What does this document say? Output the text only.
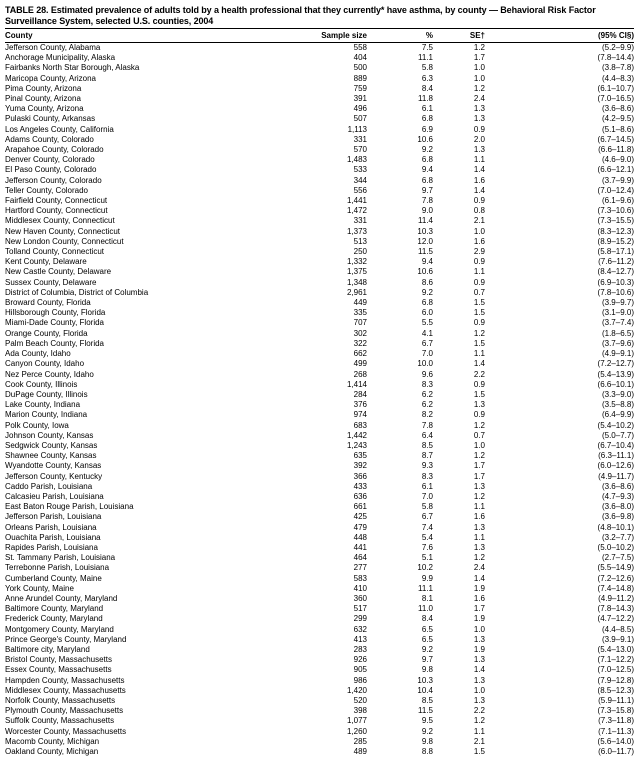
TABLE 28. Estimated prevalence of adults told by a health professional that they currently* have asthma, by county — Behavioral Risk Factor Surveillance System, selected U.S. counties, 2004
County	Sample size	%	SE†	(95% CI§)
Jefferson County, Alabama	558	7.5	1.2	(5.2–9.9)
Anchorage Municipality, Alaska	404	11.1	1.7	(7.8–14.4)
Fairbanks North Star Borough, Alaska	500	5.8	1.0	(3.8–7.8)
Maricopa County, Arizona	889	6.3	1.0	(4.4–8.3)
Pima County, Arizona	759	8.4	1.2	(6.1–10.7)
Pinal County, Arizona	391	11.8	2.4	(7.0–16.5)
Yuma County, Arizona	496	6.1	1.3	(3.6–8.6)
Pulaski County, Arkansas	507	6.8	1.3	(4.2–9.5)
Los Angeles County, California	1,113	6.9	0.9	(5.1–8.6)
Adams County, Colorado	331	10.6	2.0	(6.7–14.5)
Arapahoe County, Colorado	570	9.2	1.3	(6.6–11.8)
Denver County, Colorado	1,483	6.8	1.1	(4.6–9.0)
El Paso County, Colorado	533	9.4	1.4	(6.6–12.1)
Jefferson County, Colorado	344	6.8	1.6	(3.7–9.9)
Teller County, Colorado	556	9.7	1.4	(7.0–12.4)
Fairfield County, Connecticut	1,441	7.8	0.9	(6.1–9.6)
Hartford County, Connecticut	1,472	9.0	0.8	(7.3–10.6)
Middlesex County, Connecticut	331	11.4	2.1	(7.3–15.5)
New Haven County, Connecticut	1,373	10.3	1.0	(8.3–12.3)
New London County, Connecticut	513	12.0	1.6	(8.9–15.2)
Tolland County, Connecticut	250	11.5	2.9	(5.8–17.1)
Kent County, Delaware	1,332	9.4	0.9	(7.6–11.2)
New Castle County, Delaware	1,375	10.6	1.1	(8.4–12.7)
Sussex County, Delaware	1,348	8.6	0.9	(6.9–10.3)
District of Columbia, District of Columbia	2,961	9.2	0.7	(7.8–10.6)
Broward County, Florida	449	6.8	1.5	(3.9–9.7)
Hillsborough County, Florida	335	6.0	1.5	(3.1–9.0)
Miami-Dade County, Florida	707	5.5	0.9	(3.7–7.4)
Orange County, Florida	302	4.1	1.2	(1.8–6.5)
Palm Beach County, Florida	322	6.7	1.5	(3.7–9.6)
Ada County, Idaho	662	7.0	1.1	(4.9–9.1)
Canyon County, Idaho	499	10.0	1.4	(7.2–12.7)
Nez Perce County, Idaho	268	9.6	2.2	(5.4–13.9)
Cook County, Illinois	1,414	8.3	0.9	(6.6–10.1)
DuPage County, Illinois	284	6.2	1.5	(3.3–9.0)
Lake County, Indiana	376	6.2	1.3	(3.5–8.8)
Marion County, Indiana	974	8.2	0.9	(6.4–9.9)
Polk County, Iowa	683	7.8	1.2	(5.4–10.2)
Johnson County, Kansas	1,442	6.4	0.7	(5.0–7.7)
Sedgwick County, Kansas	1,243	8.5	1.0	(6.7–10.4)
Shawnee County, Kansas	635	8.7	1.2	(6.3–11.1)
Wyandotte County, Kansas	392	9.3	1.7	(6.0–12.6)
Jefferson County, Kentucky	366	8.3	1.7	(4.9–11.7)
Caddo Parish, Louisiana	433	6.1	1.3	(3.6–8.6)
Calcasieu Parish, Louisiana	636	7.0	1.2	(4.7–9.3)
East Baton Rouge Parish, Louisiana	661	5.8	1.1	(3.6–8.0)
Jefferson Parish, Louisiana	425	6.7	1.6	(3.6–9.8)
Orleans Parish, Louisiana	479	7.4	1.3	(4.8–10.1)
Ouachita Parish, Louisiana	448	5.4	1.1	(3.2–7.7)
Rapides Parish, Louisiana	441	7.6	1.3	(5.0–10.2)
St. Tammany Parish, Louisiana	464	5.1	1.2	(2.7–7.5)
Terrebonne Parish, Louisiana	277	10.2	2.4	(5.5–14.9)
Cumberland County, Maine	583	9.9	1.4	(7.2–12.6)
York County, Maine	410	11.1	1.9	(7.4–14.8)
Anne Arundel County, Maryland	360	8.1	1.6	(4.9–11.2)
Baltimore County, Maryland	517	11.0	1.7	(7.8–14.3)
Frederick County, Maryland	299	8.4	1.9	(4.7–12.2)
Montgomery County, Maryland	632	6.5	1.0	(4.4–8.5)
Prince George's County, Maryland	413	6.5	1.3	(3.9–9.1)
Baltimore city, Maryland	283	9.2	1.9	(5.4–13.0)
Bristol County, Massachusetts	926	9.7	1.3	(7.1–12.2)
Essex County, Massachusetts	905	9.8	1.4	(7.0–12.5)
Hampden County, Massachusetts	986	10.3	1.3	(7.9–12.8)
Middlesex County, Massachusetts	1,420	10.4	1.0	(8.5–12.3)
Norfolk County, Massachusetts	520	8.5	1.3	(5.9–11.1)
Plymouth County, Massachusetts	398	11.5	2.2	(7.3–15.8)
Suffolk County, Massachusetts	1,077	9.5	1.2	(7.3–11.8)
Worcester County, Massachusetts	1,260	9.2	1.1	(7.1–11.3)
Macomb County, Michigan	285	9.8	2.1	(5.6–14.0)
Oakland County, Michigan	489	8.8	1.5	(6.0–11.7)
